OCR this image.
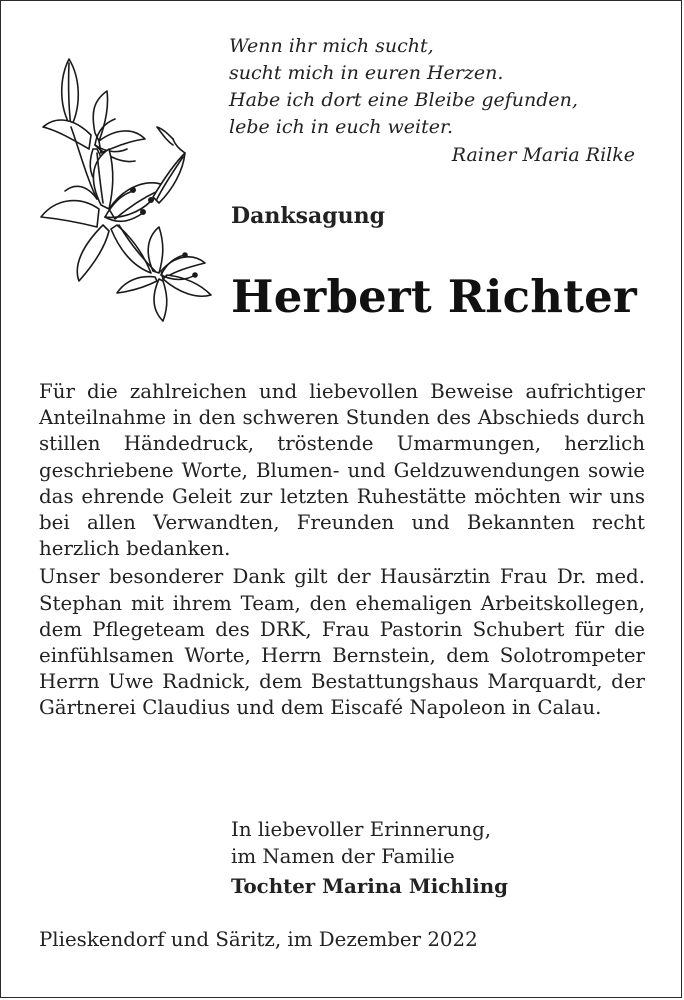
Wenn ihr mich sucht,
sucht mich in euren Herzen.
Habe ich dort eine Bleibe gefunden,
lebe ich in euch weiter.
Rainer Maria Rilke
Danksagung
Herbert Richter

Für die zahlreichen und liebevollen Beweise aufrichtiger Anteilnahme in den schweren Stunden des Abschieds durch stillen Händedruck, tröstende Umarmungen, herzlich geschriebene Worte, Blumen- und Geldzuwendungen sowie das ehrende Geleit zur letzten Ruhestätte möchten wir uns bei allen Verwandten, Freunden und Bekannten recht herzlich bedanken.

Unser besonderer Dank gilt der Hausärztin Frau Dr. med. Stephan mit ihrem Team, den ehemaligen Arbeitskollegen, dem Pflegeteam des DRK, Frau Pastorin Schubert für die einfühlsamen Worte, Herrn Bernstein, dem Solotrompeter Herrn Uwe Radnick, dem Bestattungshaus Marquardt, der Gärtnerei Claudius und dem Eiscafé Napoleon in Calau.

In liebevoller Erinnerung,
im Namen der Familie
Tochter Marina Michling
Plieskendorf und Säritz, im Dezember 2022
